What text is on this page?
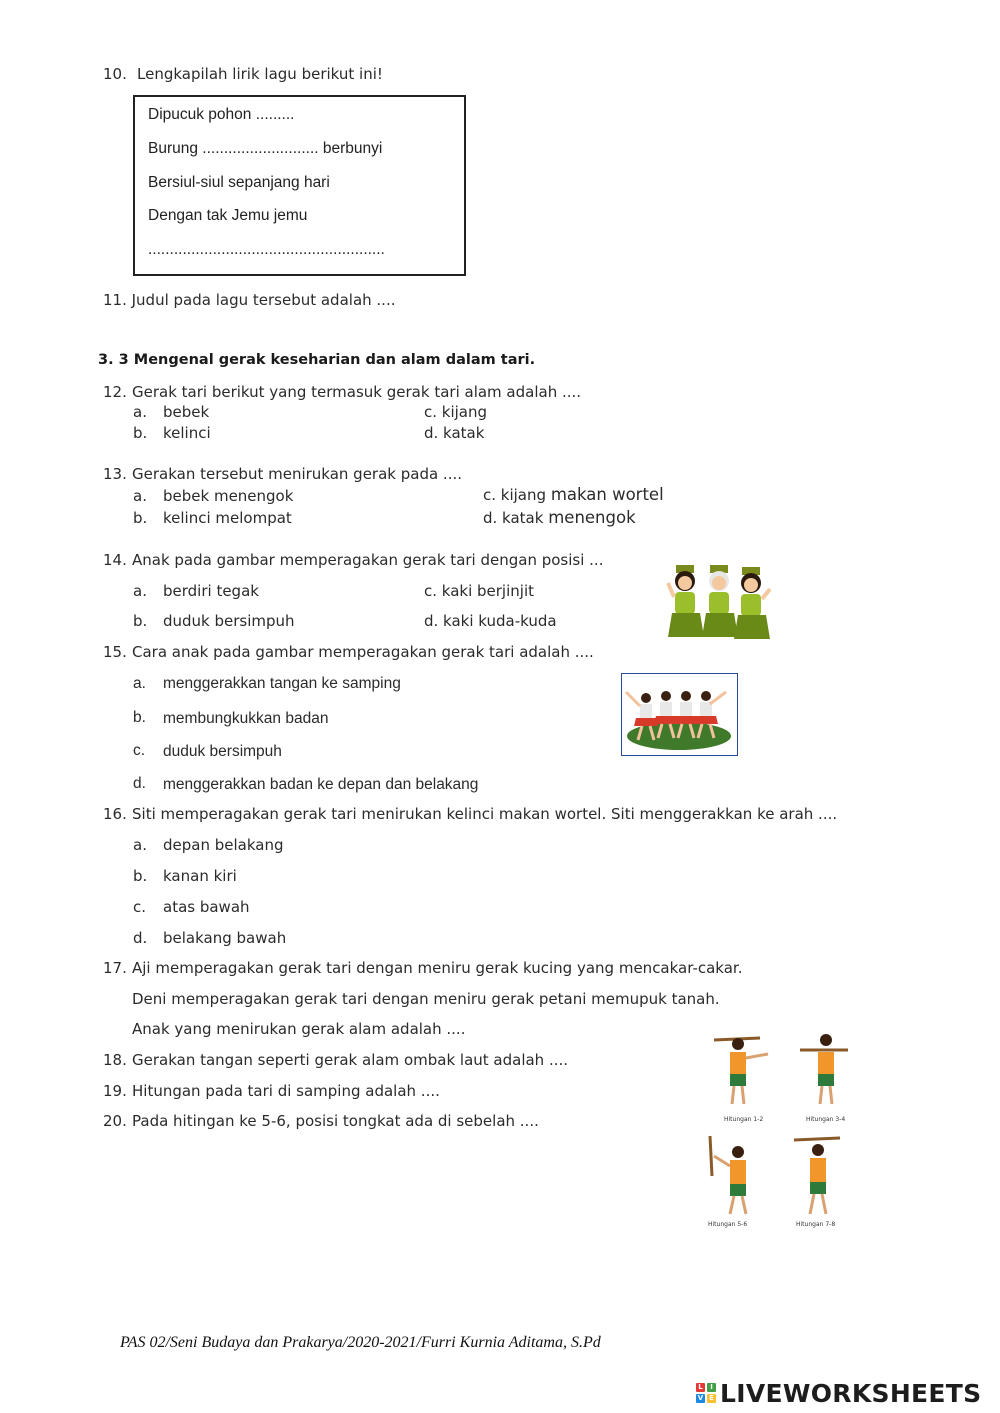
10. Lengkapilah lirik lagu berikut ini!
Dipucuk pohon .........
Burung ........................... berbunyi
Bersiul-siul sepanjang hari
Dengan tak Jemu jemu
.......................................................
11. Judul pada lagu tersebut adalah ....
3. 3 Mengenal gerak keseharian dan alam dalam tari.
12. Gerak tari berikut yang termasuk gerak tari alam adalah ....
a. bebek
b. kelinci
c. kijang
d. katak
13. Gerakan tersebut menirukan gerak pada ....
a. bebek menengok
b. kelinci melompat
c. kijang makan wortel
d. katak menengok
14. Anak pada gambar memperagakan gerak tari dengan posisi ...
a. berdiri tegak
b. duduk bersimpuh
c. kaki berjinjit
d. kaki kuda-kuda
15. Cara anak pada gambar memperagakan gerak tari adalah ....
a. menggerakkan tangan ke samping
b. membungkukkan badan
c. duduk bersimpuh
d. menggerakkan badan ke depan dan belakang
16. Siti memperagakan gerak tari menirukan kelinci makan wortel. Siti menggerakkan ke arah ....
a. depan belakang
b. kanan kiri
c. atas bawah
d. belakang bawah
17. Aji memperagakan gerak tari dengan meniru gerak kucing yang mencakar-cakar.
Deni memperagakan gerak tari dengan meniru gerak petani memupuk tanah.
Anak yang menirukan gerak alam adalah ....
18. Gerakan tangan seperti gerak alam ombak laut adalah ....
19. Hitungan pada tari di samping adalah ....
20. Pada hitingan ke 5-6, posisi tongkat ada di sebelah ....	Hitungan 1-2	Hitungan 3-4
Hitungan 5-6	Hitungan 7-8
PAS 02/Seni Budaya dan Prakarya/2020-2021/Furri Kurnia Aditama, S.Pd
L	I
V E LIVEWORKSHEETS
